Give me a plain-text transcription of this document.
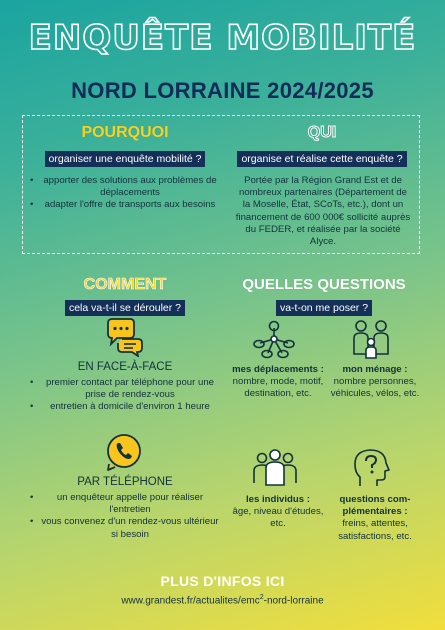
ENQUÊTE MOBILITÉ
NORD LORRAINE 2024/2025
POURQUOI
organiser une enquête mobilité ?
• apporter des solutions aux problèmes de déplacements
• adapter l'offre de transports aux besoins
QUI
organise et réalise cette enquête ?
Portée par la Région Grand Est et de nombreux partenaires (Département de la Moselle, État, SCoTs, etc.), dont un financement de 600 000€ sollicité auprès du FEDER, et réalisée par la société Alyce.
COMMENT
cela va-t-il se dérouler ?
EN FACE-À-FACE
• premier contact par téléphone pour une prise de rendez-vous
• entretien à domicile d'environ 1 heure
PAR TÉLÉPHONE
• un enquêteur appelle pour réaliser l'entretien
• vous convenez d'un rendez-vous ultérieur si besoin
QUELLES QUESTIONS
va-t-on me poser ?
mes déplacements :
nombre, mode, motif, destination, etc.
mon ménage :
nombre personnes, véhicules, vélos, etc.
les individus :
âge, niveau d'études, etc.
questions com-plémentaires :
freins, attentes, satisfactions, etc.
PLUS D'INFOS ICI
www.grandest.fr/actualites/emc$^2$-nord-lorraine
